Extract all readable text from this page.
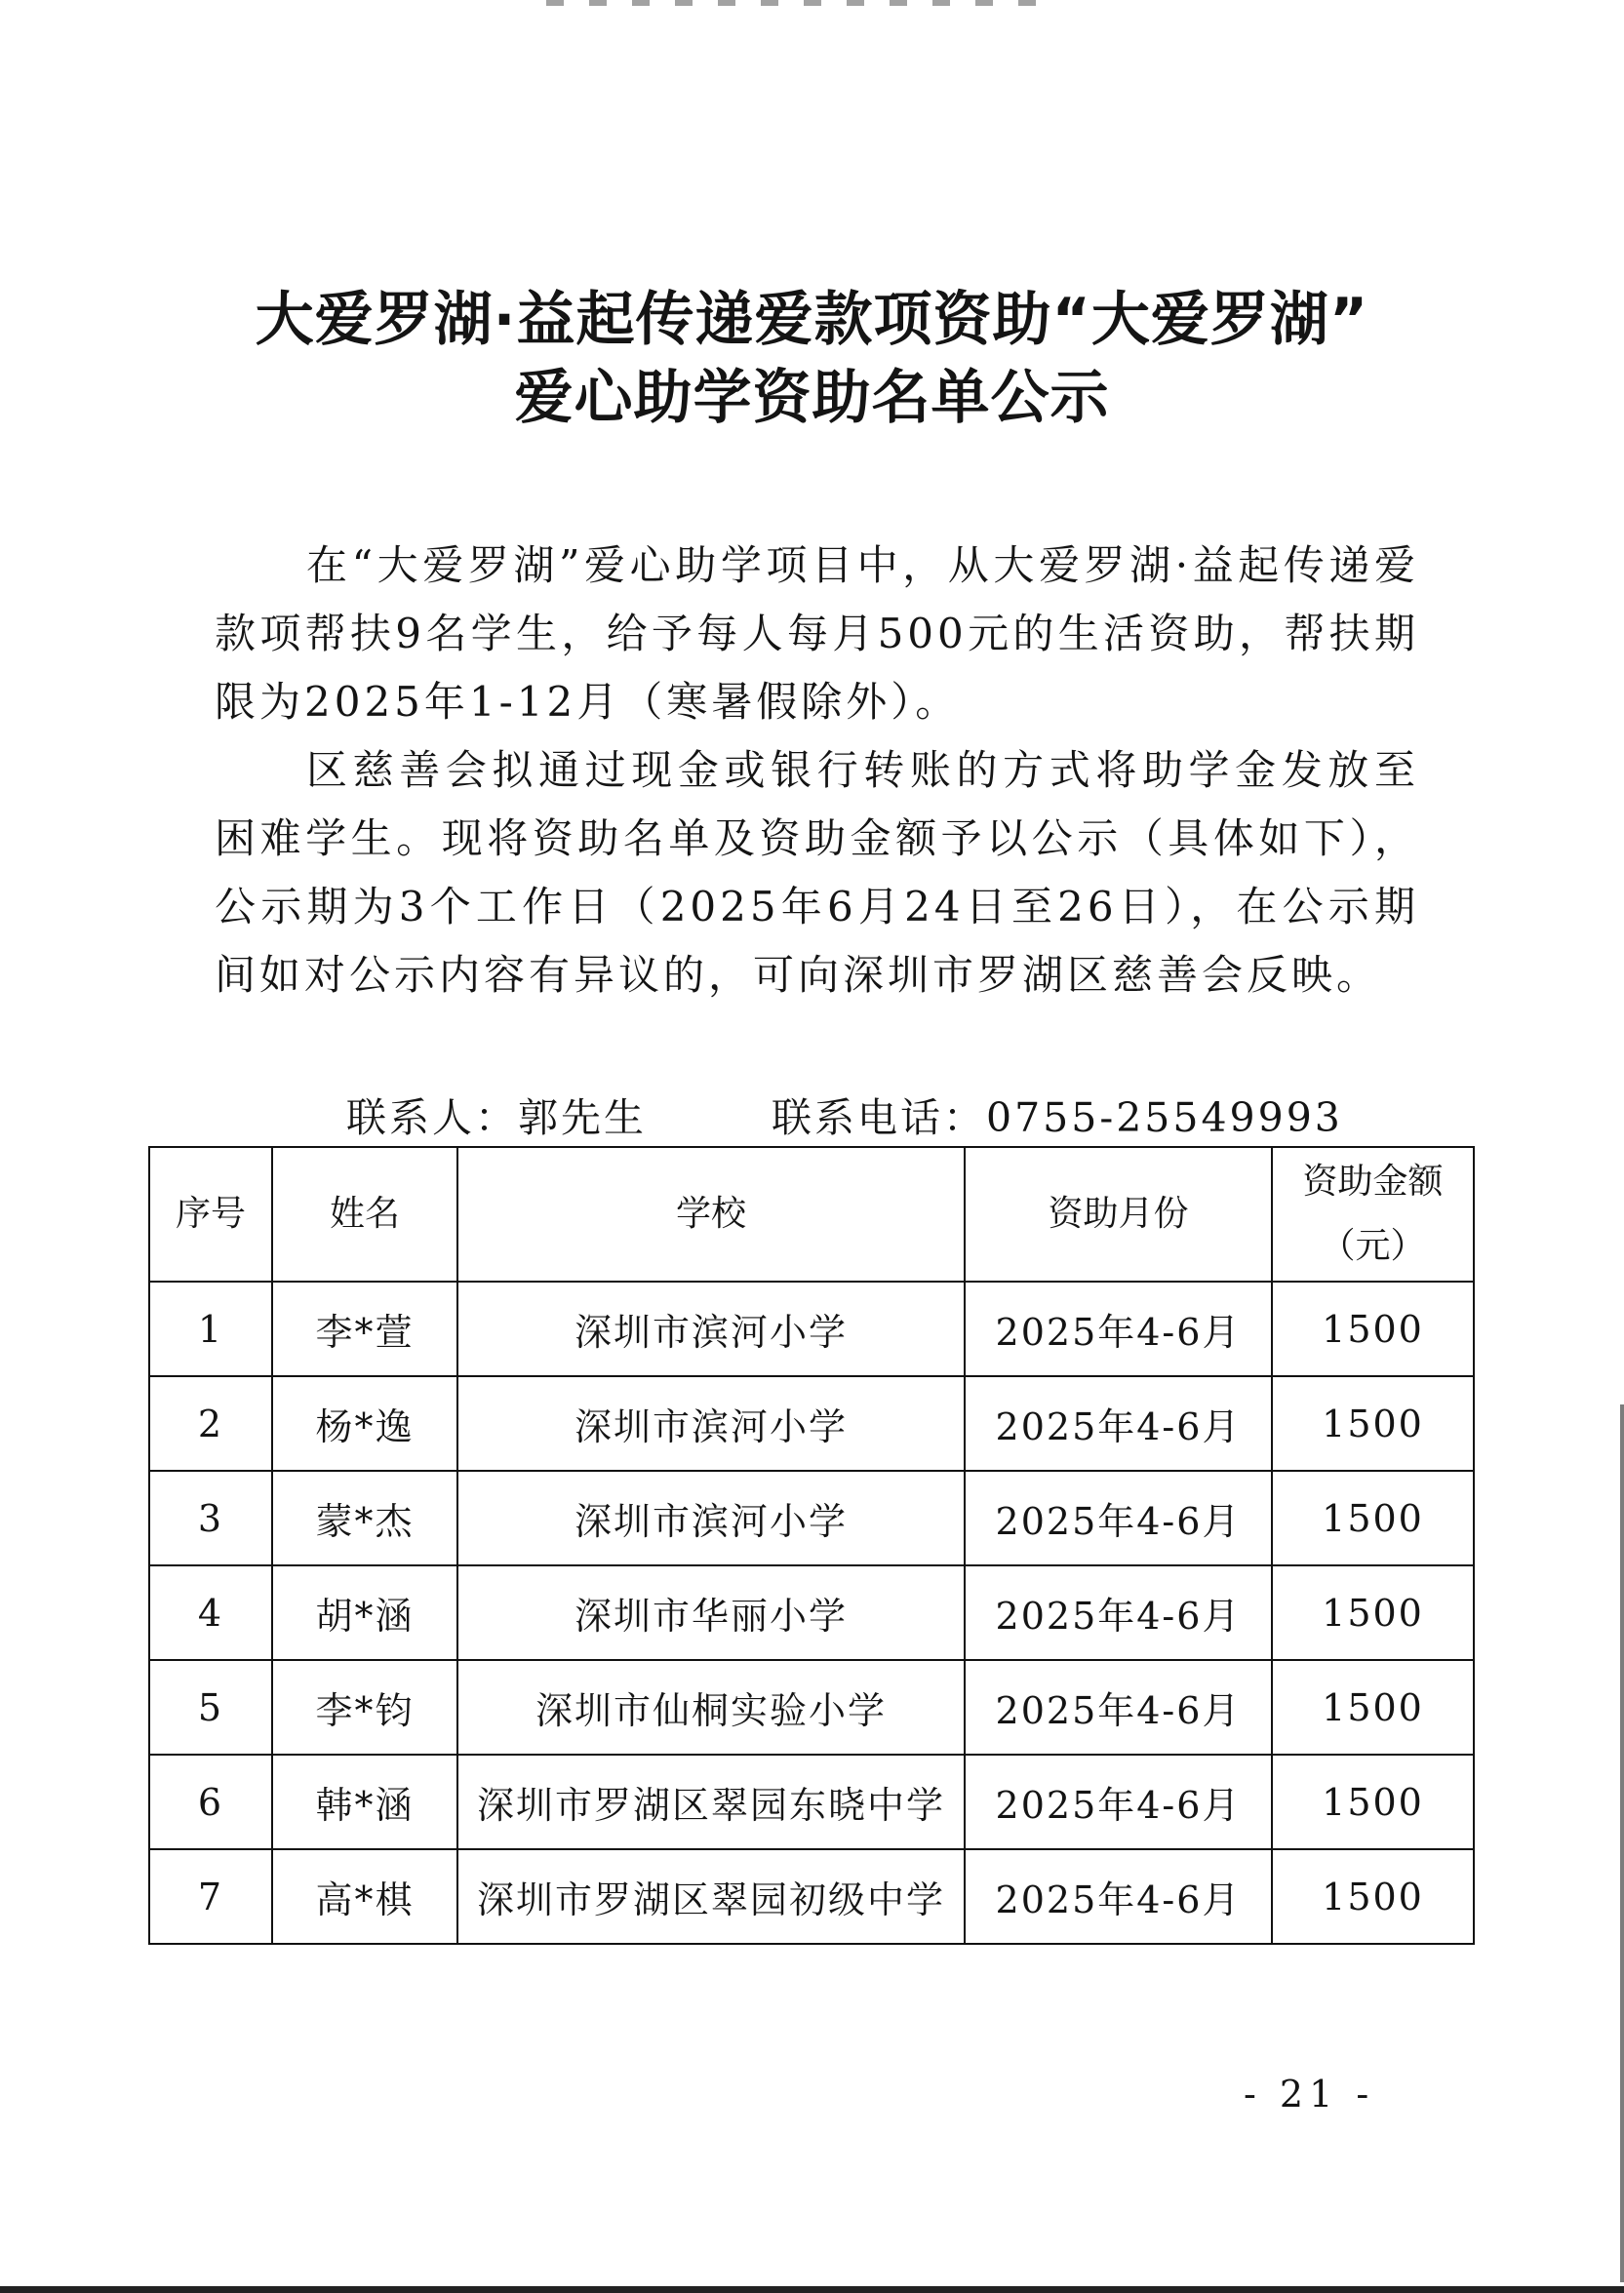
大爱罗湖·益起传递爱款项资助“大爱罗湖”
爱心助学资助名单公示

在“大爱罗湖”爱心助学项目中，从大爱罗湖·益起传递爱款项帮扶9名学生，给予每人每月500元的生活资助，帮扶期限为2025年1-12月（寒暑假除外）。

区慈善会拟通过现金或银行转账的方式将助学金发放至困难学生。现将资助名单及资助金额予以公示（具体如下），公示期为3个工作日（2025年6月24日至26日），在公示期间如对公示内容有异议的，可向深圳市罗湖区慈善会反映。

联系人：郭先生	联系电话：0755-25549993
序号	姓名	学校	资助月份	资助金额
（元）

1	李*萱	深圳市滨河小学	2025年4-6月	1500
2	杨*逸	深圳市滨河小学	2025年4-6月	1500
3	蒙*杰	深圳市滨河小学	2025年4-6月	1500
4	胡*涵	深圳市华丽小学	2025年4-6月	1500
5	李*钧	深圳市仙桐实验小学	2025年4-6月	1500
6	韩*涵	深圳市罗湖区翠园东晓中学	2025年4-6月	1500
7	高*棋	深圳市罗湖区翠园初级中学	2025年4-6月	1500
- 21 -
